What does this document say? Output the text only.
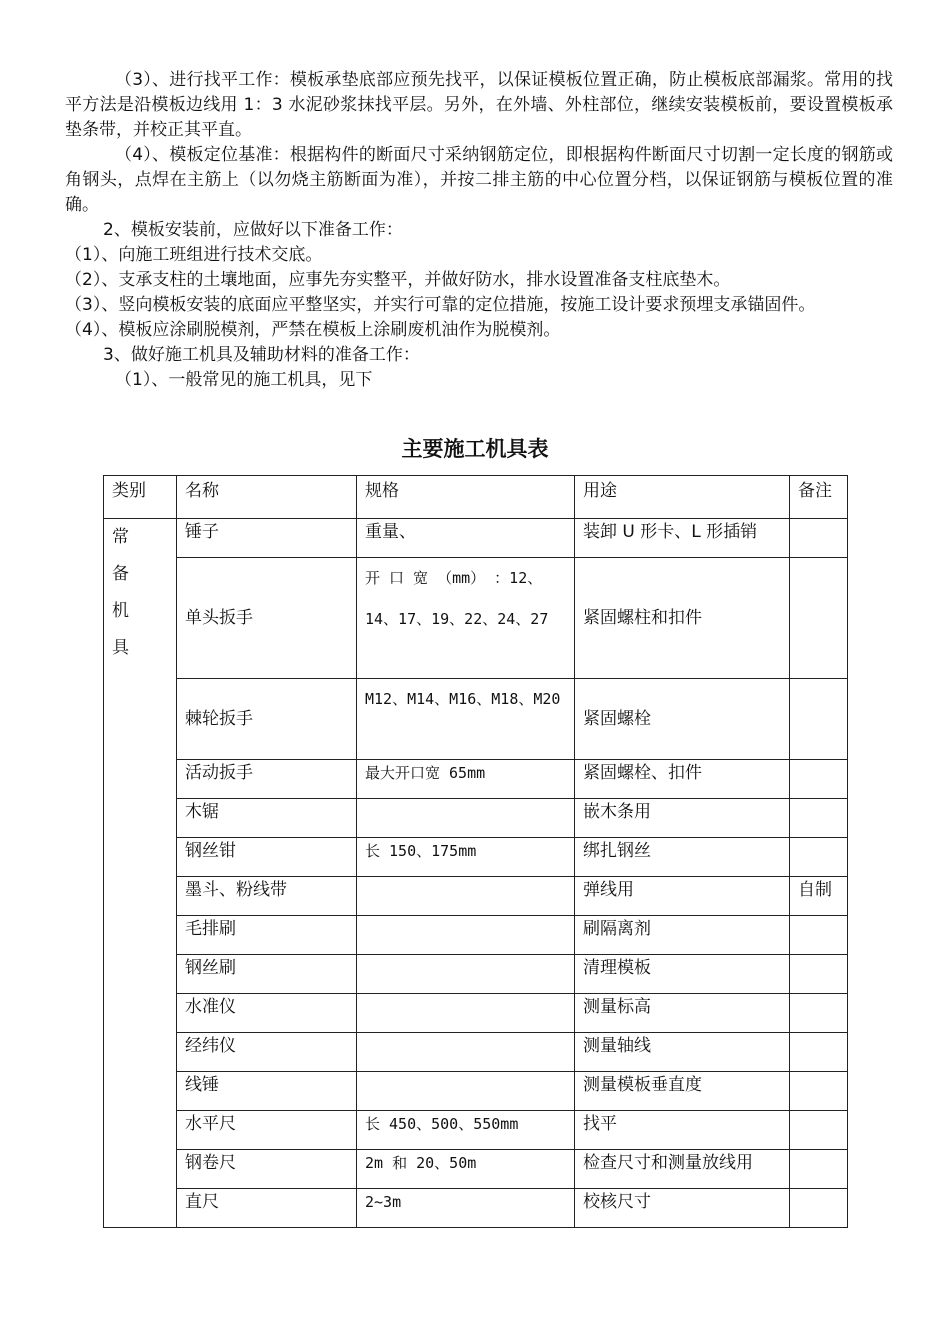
（3）、进行找平工作：模板承垫底部应预先找平，以保证模板位置正确，防止模板底部漏浆。常用的找平方法是沿模板边线用 1：3 水泥砂浆抹找平层。另外，在外墙、外柱部位，继续安装模板前，要设置模板承垫条带，并校正其平直。

（4）、模板定位基准：根据构件的断面尺寸采纳钢筋定位，即根据构件断面尺寸切割一定长度的钢筋或角钢头，点焊在主筋上（以勿烧主筋断面为准），并按二排主筋的中心位置分档，以保证钢筋与模板位置的准确。

2、模板安装前，应做好以下准备工作：

（1）、向施工班组进行技术交底。

（2）、支承支柱的土壤地面，应事先夯实整平，并做好防水，排水设置准备支柱底垫木。

（3）、竖向模板安装的底面应平整坚实，并实行可靠的定位措施，按施工设计要求预埋支承锚固件。

（4）、模板应涂刷脱模剂，严禁在模板上涂刷废机油作为脱模剂。

3、做好施工机具及辅助材料的准备工作：

（1）、一般常见的施工机具，见下

主要施工机具表
类别	名称	规格	用途	备注

常
备
机
具	锤子	重量、	装卸 U 形卡、L 形插销	
	单头扳手	开 口 宽 （mm） ：12、14、17、19、22、24、27	紧固螺柱和扣件	
	棘轮扳手	M12、M14、M16、M18、M20	紧固螺栓	
	活动扳手	最大开口宽 65mm	紧固螺栓、扣件	
	木锯		嵌木条用	
	钢丝钳	长 150、175mm	绑扎钢丝	
	墨斗、粉线带		弹线用	自制
	毛排刷		刷隔离剂	
	钢丝刷		清理模板	
	水准仪		测量标高	
	经纬仪		测量轴线	
	线锤		测量模板垂直度	
	水平尺	长 450、500、550mm	找平	
	钢卷尺	2m 和 20、50m	检查尺寸和测量放线用	
	直尺	2~3m	校核尺寸	
